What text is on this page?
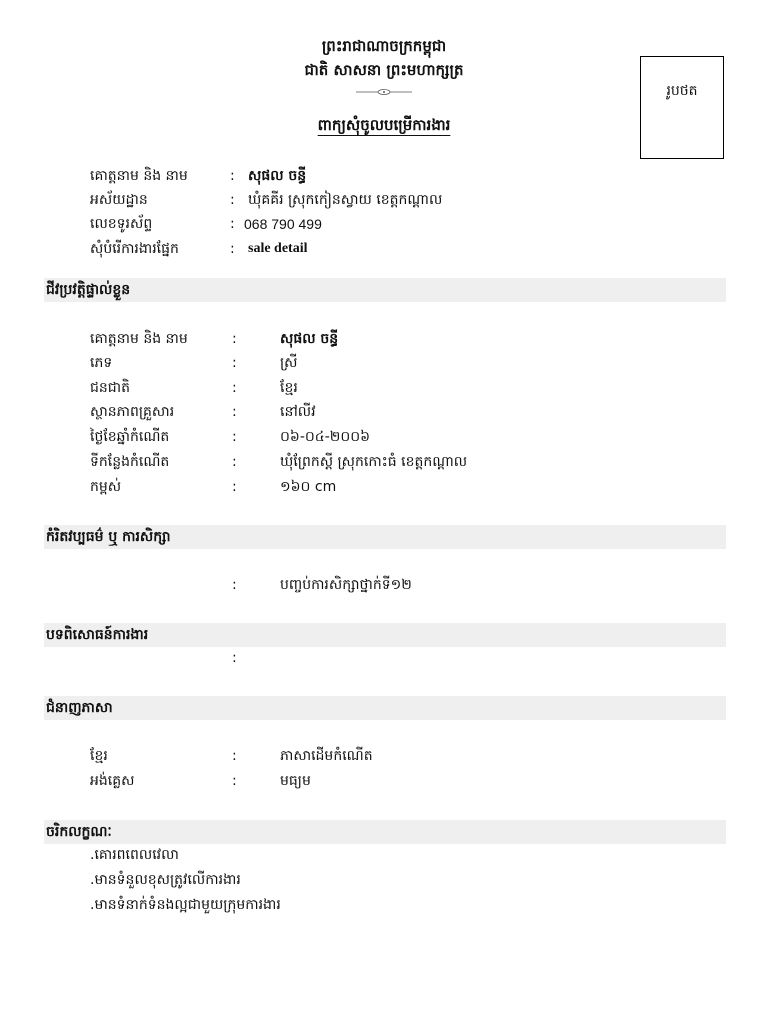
ព្រះរាជាណាចក្រកម្ពុជា
ជាតិ សាសនា ព្រះមហាក្សត្រ
ពាក្យសុំចូលបម្រើការងារ
រូបថត
គោត្តនាម និង នាម	: សុផល ចន្ធី
អស័យដ្ឋាន	: ឃុំគគីរ ស្រុកកៀនស្វាយ ខេត្តកណ្ដាល
លេខទូរស័ព្ទ	: 068 790 499
សុំបំរើការងារផ្នែក	: sale detail
ជីវប្រវត្តិផ្ទាល់ខ្លួន
គោត្តនាម និង នាម	:	សុផល ចន្ធី
ភេទ	:	ស្រី
ជនជាតិ	:	ខ្មែរ
ស្ថានភាពគ្រួសារ	:	នៅលីវ
ថ្ងៃខែឆ្នាំកំណើត	:	០៦-០៤-២០០៦
ទីកន្លែងកំណើត	:	ឃុំព្រែកស្ដី ស្រុកកោះធំ ខេត្តកណ្ដាល
កម្ពស់	:	១៦០ cm
កំរិតវប្បធម៌ ឬ ការសិក្សា
:	បញ្ចប់ការសិក្សាថ្នាក់ទី១២
បទពិសោធន៍ការងារ
:
ជំនាញភាសា
ខ្មែរ	:	ភាសាដើមកំណើត
អង់គ្លេស	:	មធ្យម
ចរិកលក្ខណៈ
.គោរពពេលវេលា
.មានទំនួលខុសត្រូវលើការងារ
.មានទំនាក់ទំនងល្អជាមួយក្រុមការងារ
